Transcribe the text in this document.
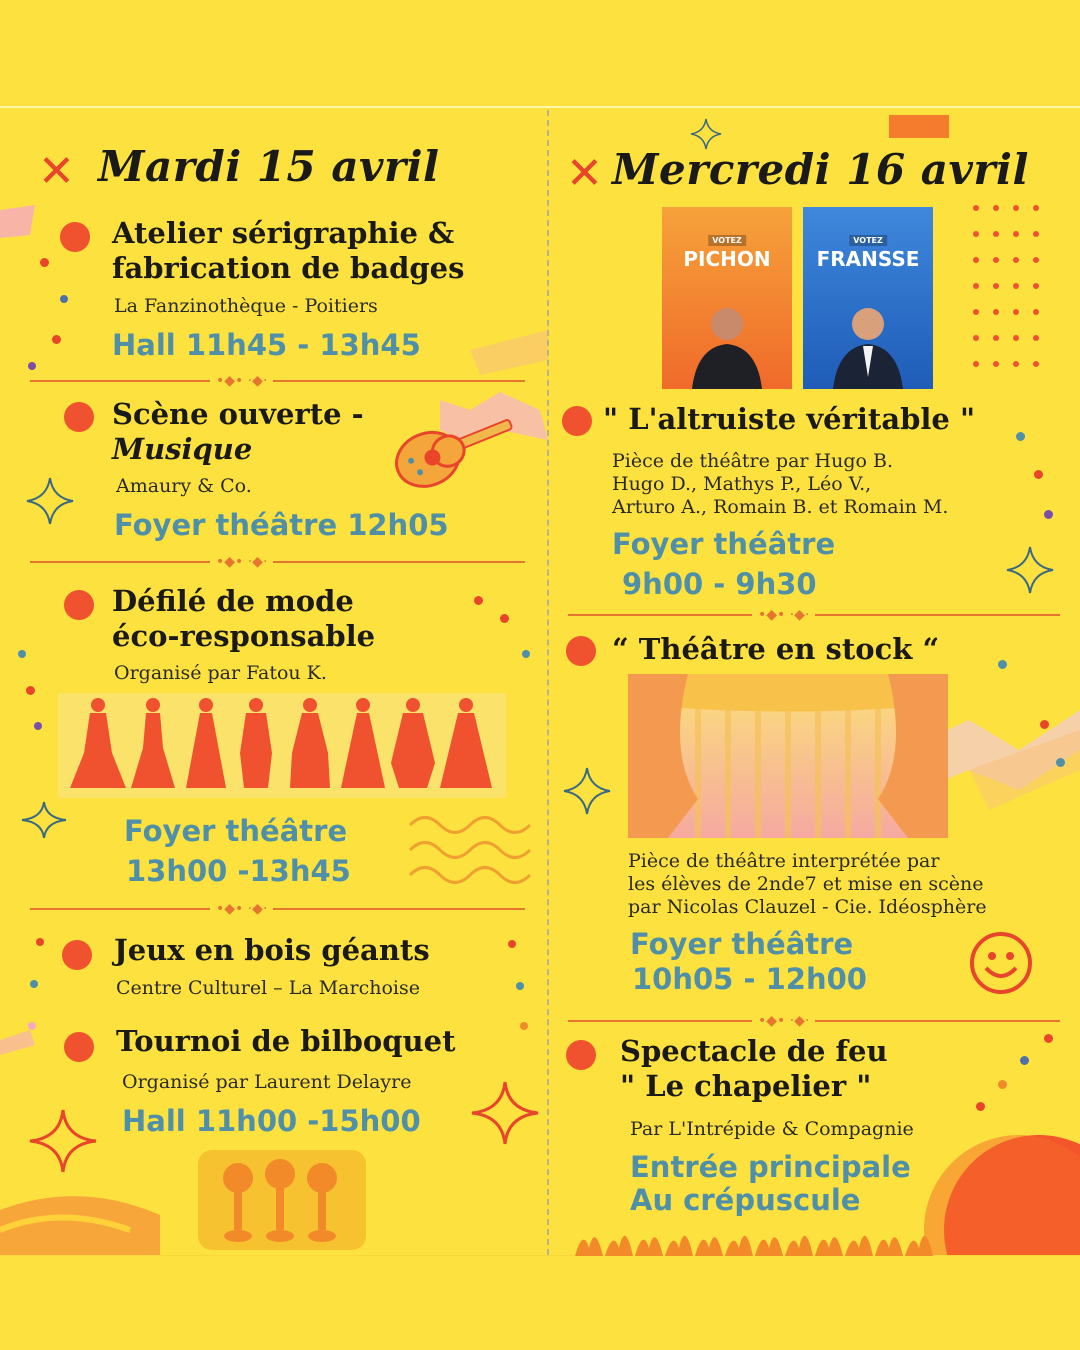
✕ Mardi 15 avril
Atelier sérigraphie &
fabrication de badges
La Fanzinothèque - Poitiers
Hall 11h45 - 13h45
•◆• ·◆·
Scène ouverte -
Musique
Amaury & Co.
Foyer théâtre 12h05
•◆• ·◆·
Défilé de mode
éco-responsable
Organisé par Fatou K.
Foyer théâtre
13h00 -13h45
•◆• ·◆·
Jeux en bois géants
Centre Culturel – La Marchoise
Tournoi de bilboquet
Organisé par Laurent Delayre
Hall 11h00 -15h00
✕ Mercredi 16 avril
VOTEZ
PICHON
VOTEZ
FRANSSE
" L'altruiste véritable "
Pièce de théâtre par Hugo B.
Hugo D., Mathys P., Léo V.,
Arturo A., Romain B. et Romain M.
Foyer théâtre
9h00 - 9h30
•◆• ·◆·
“ Théâtre en stock “
Pièce de théâtre interprétée par
les élèves de 2nde7 et mise en scène
par Nicolas Clauzel - Cie. Idéosphère
Foyer théâtre
10h05 - 12h00
•◆• ·◆·
Spectacle de feu
" Le chapelier "
Par L'Intrépide & Compagnie
Entrée principale
Au crépuscule
